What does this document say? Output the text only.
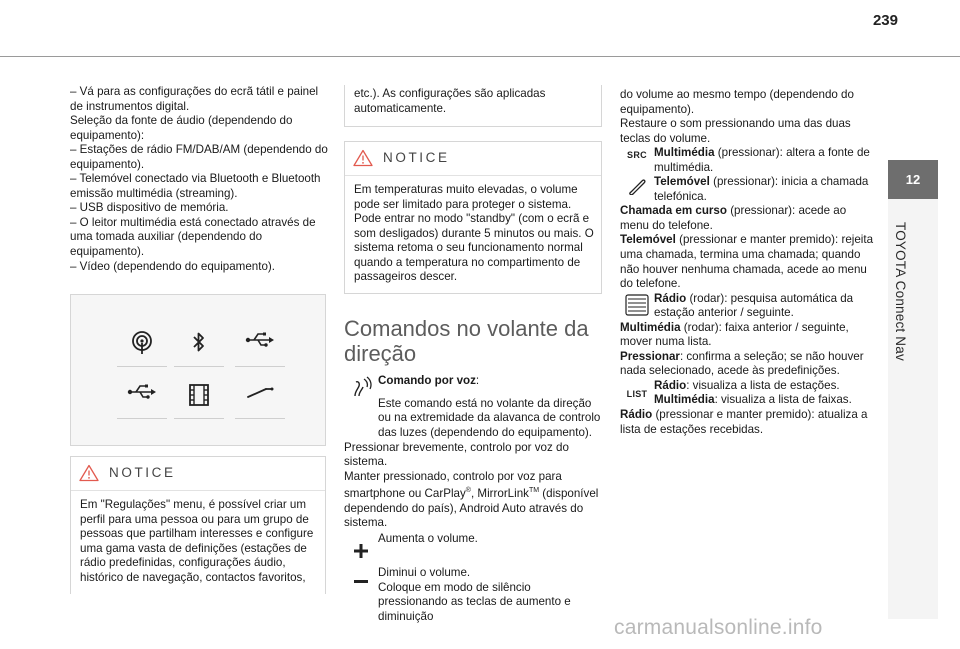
239
12
TOYOTA Connect Nav

– Vá para as configurações do ecrã tátil e painel de instrumentos digital.

Seleção da fonte de áudio (dependendo do equipamento):

– Estações de rádio FM/DAB/AM (dependendo do equipamento).

– Telemóvel conectado via Bluetooth e Bluetooth emissão multimédia (streaming).

– USB dispositivo de memória.

– O leitor multimédia está conectado através de uma tomada auxiliar (dependendo do equipamento).

– Vídeo (dependendo do equipamento).

NOTICE

Em "Regulações" menu, é possível criar um perfil para uma pessoa ou para um grupo de pessoas que partilham interesses e configure uma gama vasta de definições (estações de rádio predefinidas, configurações áudio, histórico de navegação, contactos favoritos,

etc.). As configurações são aplicadas automaticamente.

NOTICE

Em temperaturas muito elevadas, o volume pode ser limitado para proteger o sistema. Pode entrar no modo "standby" (com o ecrã e som desligados) durante 5 minutos ou mais. O sistema retoma o seu funcionamento normal quando a temperatura no compartimento de passageiros descer.

Comandos no volante da direção
Comando por voz:

Este comando está no volante da direção ou na extremidade da alavanca de controlo das luzes (dependendo do equipamento).

Pressionar brevemente, controlo por voz do sistema.

Manter pressionado, controlo por voz para smartphone ou CarPlay®, MirrorLink™ (disponível dependendo do país), Android Auto através do sistema.

Aumenta o volume.

Diminui o volume.

Coloque em modo de silêncio pressionando as teclas de aumento e diminuição

do volume ao mesmo tempo (dependendo do equipamento).

Restaure o som pressionando uma das duas teclas do volume.

SRC Multimédia (pressionar): altera a fonte de multimédia.
Telemóvel (pressionar): inicia a chamada telefónica.

Chamada em curso (pressionar): acede ao menu do telefone.

Telemóvel (pressionar e manter premido): rejeita uma chamada, termina uma chamada; quando não houver nenhuma chamada, acede ao menu do telefone.

Rádio (rodar): pesquisa automática da estação anterior / seguinte.

Multimédia (rodar): faixa anterior / seguinte, mover numa lista.

Pressionar: confirma a seleção; se não houver nada selecionado, acede às predefinições.

LIST

Rádio: visualiza a lista de estações.

Multimédia: visualiza a lista de faixas.

Rádio (pressionar e manter premido): atualiza a lista de estações recebidas.

carmanualsonline.info
